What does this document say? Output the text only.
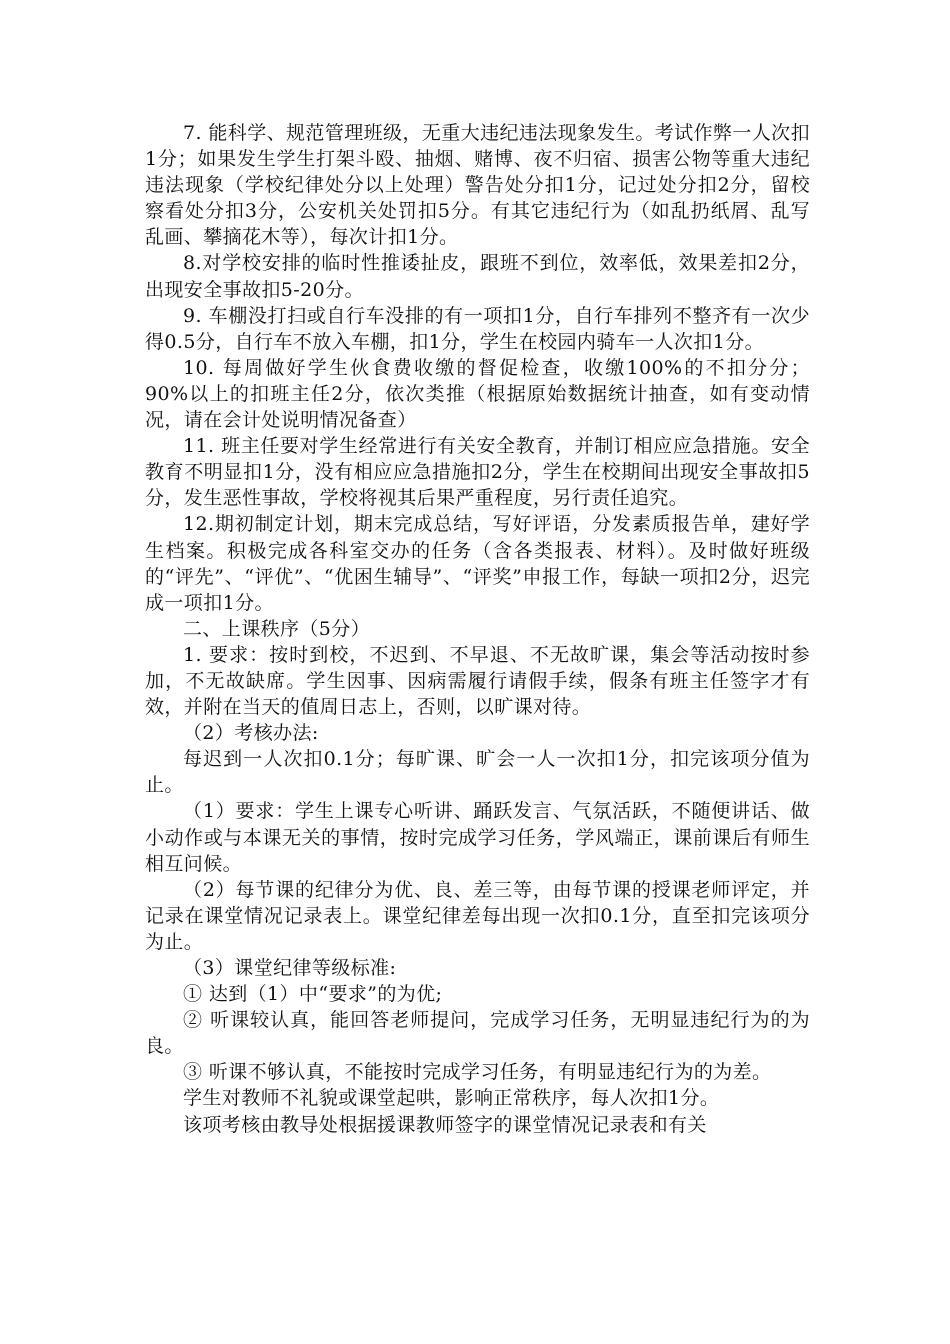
7. 能科学、规范管理班级，无重大违纪违法现象发生。考试作弊一人次扣1分；如果发生学生打架斗殴、抽烟、赌博、夜不归宿、损害公物等重大违纪违法现象（学校纪律处分以上处理）警告处分扣1分，记过处分扣2分，留校察看处分扣3分，公安机关处罚扣5分。有其它违纪行为（如乱扔纸屑、乱写乱画、攀摘花木等），每次计扣1分。

8.对学校安排的临时性推诿扯皮，跟班不到位，效率低，效果差扣2分，出现安全事故扣5-20分。

9. 车棚没打扫或自行车没排的有一项扣1分，自行车排列不整齐有一次少得0.5分，自行车不放入车棚，扣1分，学生在校园内骑车一人次扣1分。

10. 每周做好学生伙食费收缴的督促检查，收缴100%的不扣分分； 90%以上的扣班主任2分，依次类推（根据原始数据统计抽查，如有变动情况，请在会计处说明情况备查）

11. 班主任要对学生经常进行有关安全教育，并制订相应应急措施。安全教育不明显扣1分，没有相应应急措施扣2分，学生在校期间出现安全事故扣5分，发生恶性事故，学校将视其后果严重程度，另行责任追究。

12.期初制定计划，期末完成总结，写好评语，分发素质报告单，建好学生档案。积极完成各科室交办的任务（含各类报表、材料）。及时做好班级的“评先”、“评优”、“优困生辅导”、“评奖”申报工作，每缺一项扣2分，迟完成一项扣1分。

二、上课秩序（5分）

1. 要求：按时到校，不迟到、不早退、不无故旷课，集会等活动按时参加，不无故缺席。学生因事、因病需履行请假手续，假条有班主任签字才有效，并附在当天的值周日志上，否则，以旷课对待。

（2）考核办法:

每迟到一人次扣0.1分；每旷课、旷会一人一次扣1分，扣完该项分值为止。

（1）要求：学生上课专心听讲、踊跃发言、气氛活跃，不随便讲话、做小动作或与本课无关的事情，按时完成学习任务，学风端正，课前课后有师生相互问候。

（2）每节课的纪律分为优、良、差三等，由每节课的授课老师评定，并记录在课堂情况记录表上。课堂纪律差每出现一次扣0.1分，直至扣完该项分为止。

（3）课堂纪律等级标准:

① 达到（1）中“要求”的为优;

② 听课较认真，能回答老师提问，完成学习任务，无明显违纪行为的为良。

③ 听课不够认真，不能按时完成学习任务，有明显违纪行为的为差。

学生对教师不礼貌或课堂起哄，影响正常秩序，每人次扣1分。

该项考核由教导处根据援课教师签字的课堂情况记录表和有关
